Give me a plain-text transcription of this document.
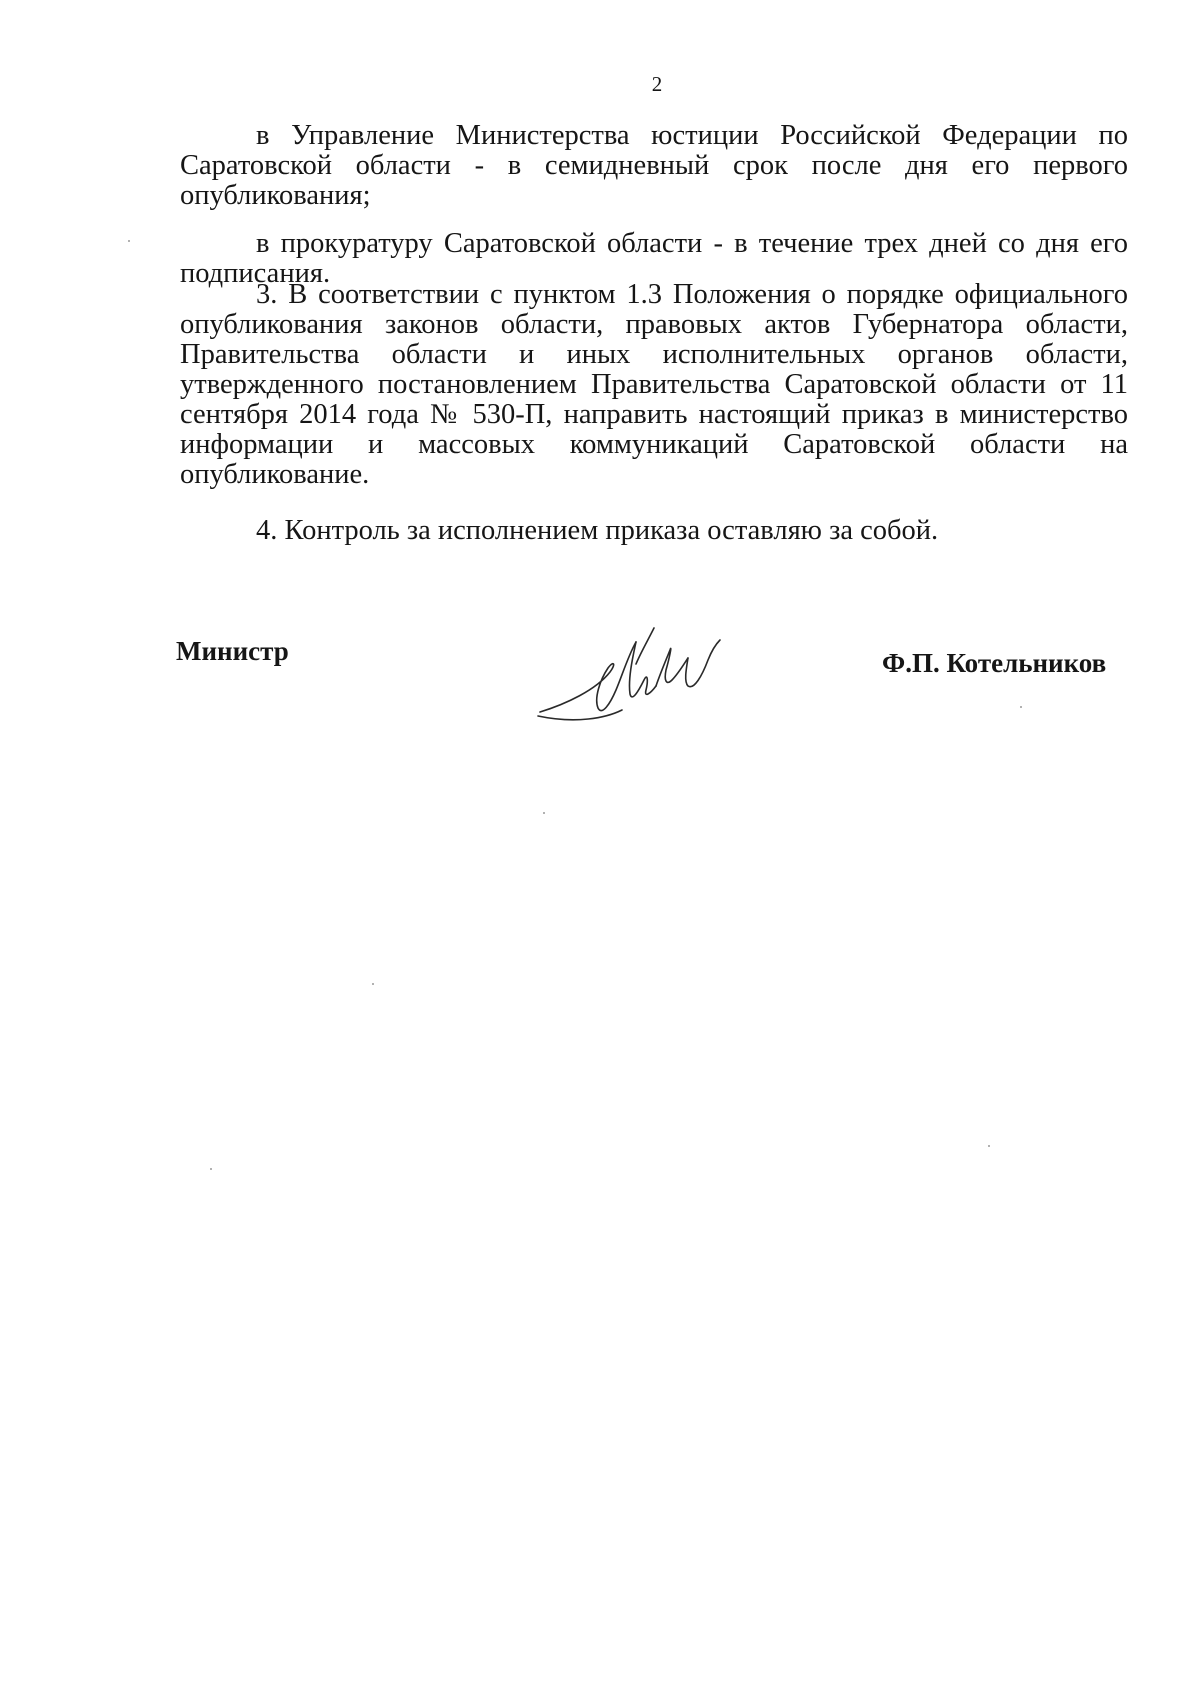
2

в Управление Министерства юстиции Российской Федерации по Саратовской области - в семидневный срок после дня его первого опубликования;

в прокуратуру Саратовской области - в течение трех дней со дня его подписания.

3. В соответствии с пунктом 1.3 Положения о порядке официального опубликования законов области, правовых актов Губернатора области, Правительства области и иных исполнительных органов области, утвержденного постановлением Правительства Саратовской области от 11 сентября 2014 года № 530-П, направить настоящий приказ в министерство информации и массовых коммуникаций Саратовской области на опубликование.

4. Контроль за исполнением приказа оставляю за собой.

Министр	Ф.П. Котельников
